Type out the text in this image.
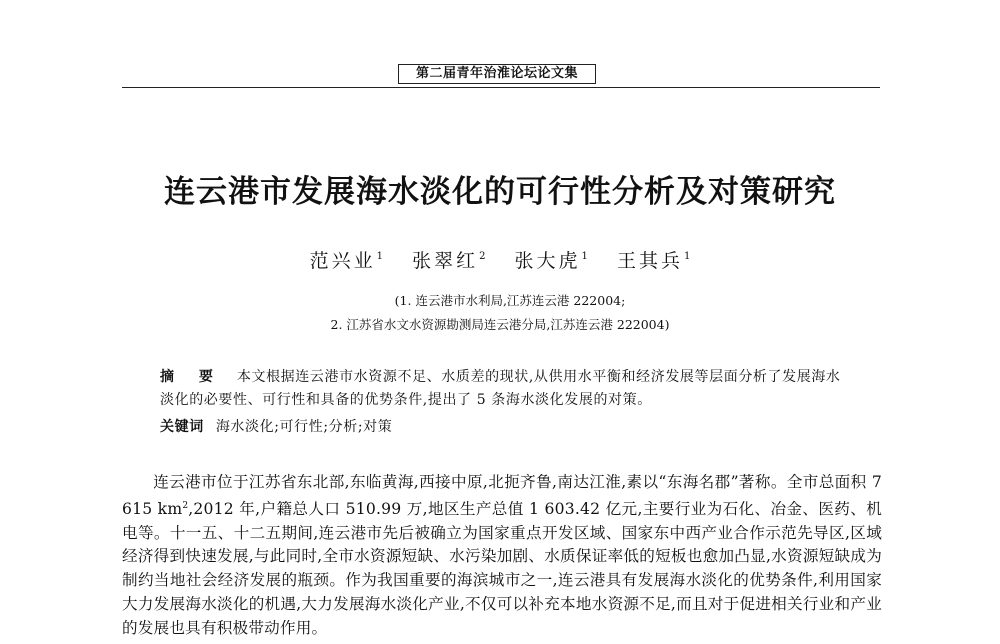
第二届青年治淮论坛论文集
连云港市发展海水淡化的可行性分析及对策研究
范兴业$^1$ 张翠红$^2$ 张大虎$^1$ 王其兵$^1$
(1. 连云港市水利局,江苏连云港 222004;
2. 江苏省水文水资源勘测局连云港分局,江苏连云港 222004)
摘 要 本文根据连云港市水资源不足、水质差的现状,从供用水平衡和经济发展等层面分析了发展海水淡化的必要性、可行性和具备的优势条件,提出了 5 条海水淡化发展的对策。
关键词 海水淡化;可行性;分析;对策

连云港市位于江苏省东北部,东临黄海,西接中原,北扼齐鲁,南达江淮,素以“东海名郡”著称。全市总面积 7 615 $km^2,2012$ 年,户籍总人口 510.99 万,地区生产总值 1 603.42 亿元,主要行业为石化、冶金、医药、机电等。十一五、十二五期间,连云港市先后被确立为国家重点开发区域、国家东中西产业合作示范先导区,区域经济得到快速发展,与此同时,全市水资源短缺、水污染加剧、水质保证率低的短板也愈加凸显,水资源短缺成为制约当地社会经济发展的瓶颈。作为我国重要的海滨城市之一,连云港具有发展海水淡化的优势条件,利用国家大力发展海水淡化的机遇,大力发展海水淡化产业,不仅可以补充本地水资源不足,而且对于促进相关行业和产业的发展也具有积极带动作用。
